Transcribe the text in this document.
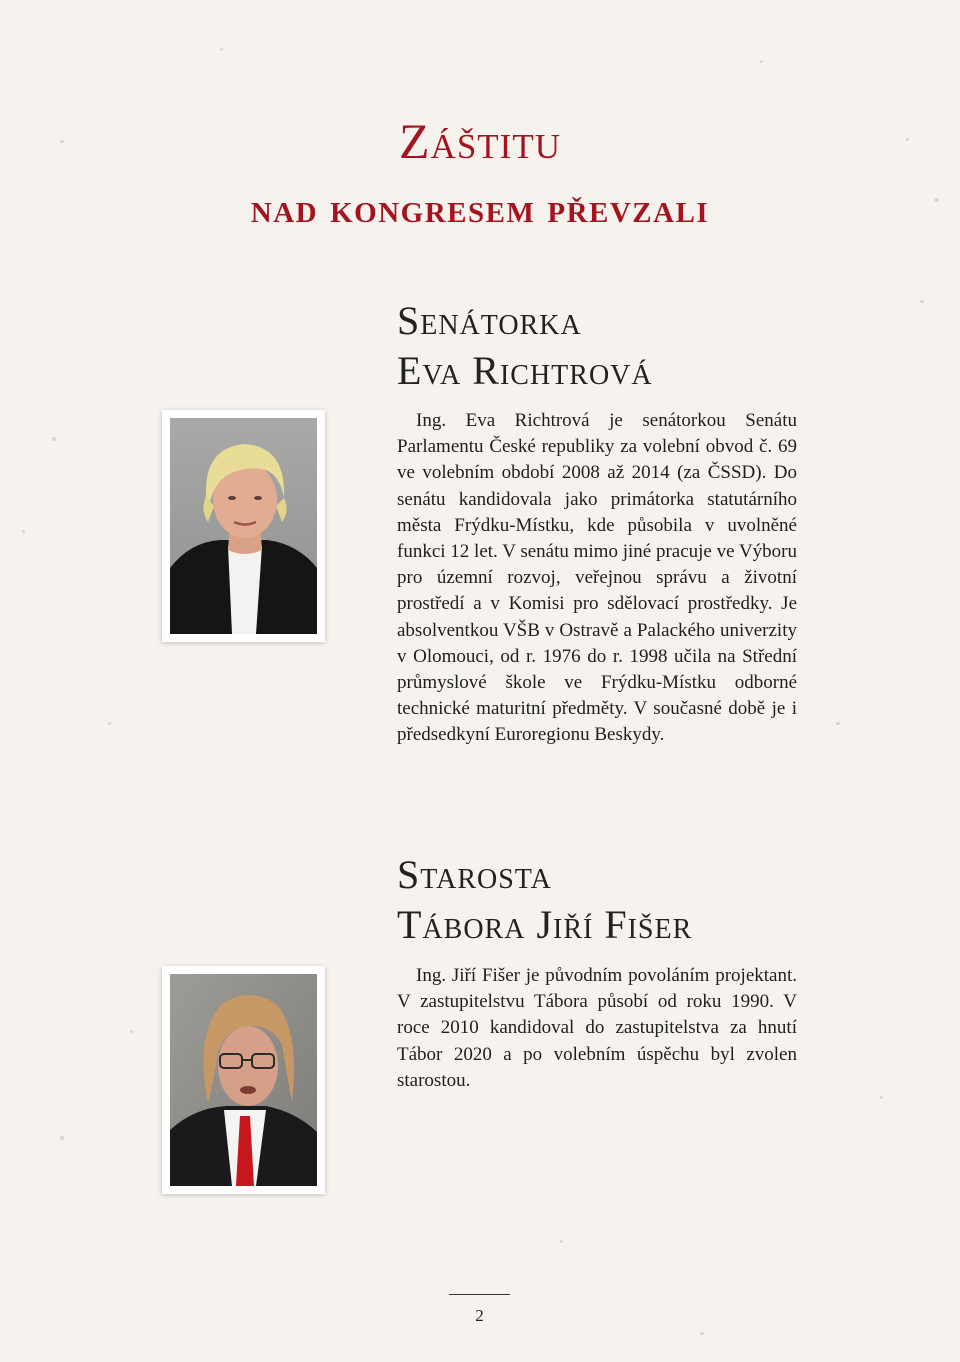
Záštitu
nad kongresem převzali
Senátorka
Eva Richtrová

Ing. Eva Richtrová je senátorkou Senátu Parlamentu České republiky za volební obvod č. 69 ve volebním období 2008 až 2014 (za ČSSD). Do senátu kandidovala jako primátorka statutárního města Frýdku-Místku, kde působila v uvolněné funkci 12 let. V senátu mimo jiné pracuje ve Výboru pro územní rozvoj, veřejnou správu a životní prostředí a v Komisi pro sdělovací prostředky. Je absolventkou VŠB v Ostravě a Palackého univerzity v Olomouci, od r. 1976 do r. 1998 učila na Střední průmyslové škole ve Frýdku-Místku odborné technické maturitní předměty. V současné době je i předsedkyní Euroregionu Beskydy.

Starosta
Tábora Jiří Fišer

Ing. Jiří Fišer je původním povoláním projektant. V zastupitelstvu Tábora působí od roku 1990. V roce 2010 kandidoval do zastupitelstva za hnutí Tábor 2020 a po volebním úspěchu byl zvolen starostou.

2
